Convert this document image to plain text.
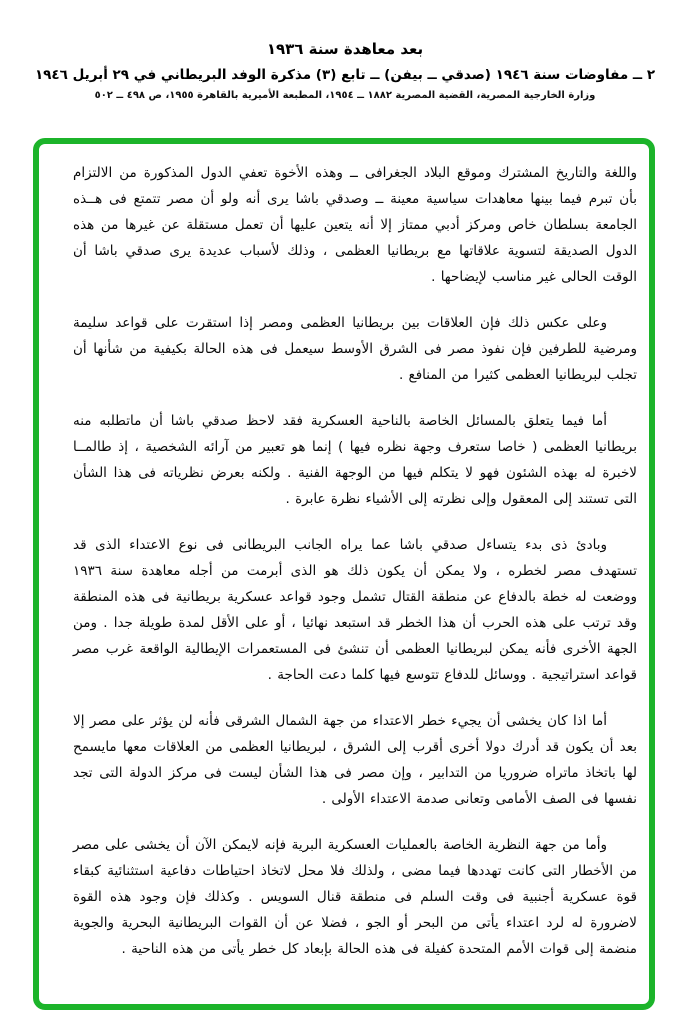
بعد معاهدة سنة ١٩٣٦
٢ ــ مفاوضات سنة ١٩٤٦ (صدقي ــ بيفن) ــ تابع (٣) مذكرة الوفد البريطاني في ٢٩ أبريل ١٩٤٦
وزارة الخارجية المصرية، القضية المصرية ١٨٨٢ ــ ١٩٥٤، المطبعة الأميرية بالقاهرة ١٩٥٥، ص ٤٩٨ ــ ٥٠٢

واللغة والتاريخ المشترك وموقع البلاد الجغرافى ــ وهذه الأخوة تعفي الدول المذكورة من الالتزام بأن تبرم فيما بينها معاهدات سياسية معينة ــ وصدقي باشا يرى أنه ولو أن مصر تتمتع فى هــذه الجامعة بسلطان خاص ومركز أدبي ممتاز إلا أنه يتعين عليها أن تعمل مستقلة عن غيرها من هذه الدول الصديقة لتسوية علاقاتها مع بريطانيا العظمى ، وذلك لأسباب عديدة يرى صدقي باشا أن الوقت الحالى غير مناسب لإيضاحها .

وعلى عكس ذلك فإن العلاقات بين بريطانيا العظمى ومصر إذا استقرت على قواعد سليمة ومرضية للطرفين فإن نفوذ مصر فى الشرق الأوسط سيعمل فى هذه الحالة بكيفية من شأنها أن تجلب لبريطانيا العظمى كثيرا من المنافع .

أما فيما يتعلق بالمسائل الخاصة بالناحية العسكرية فقد لاحظ صدقي باشا أن ماتطلبه منه بريطانيا العظمى ( خاصا ستعرف وجهة نظره فيها ) إنما هو تعبير من آرائه الشخصية ، إذ طالمــا لاخبرة له بهذه الشئون فهو لا يتكلم فيها من الوجهة الفنية . ولكنه بعرض نظرياته فى هذا الشأن التى تستند إلى المعقول وإلى نظرته إلى الأشياء نظرة عابرة .

وبادئ ذى بدء يتساءل صدقي باشا عما يراه الجانب البريطانى فى نوع الاعتداء الذى قد تستهدف مصر لخطره ، ولا يمكن أن يكون ذلك هو الذى أبرمت من أجله معاهدة سنة ١٩٣٦ ووضعت له خطة بالدفاع عن منطقة القتال تشمل وجود قواعد عسكرية بريطانية فى هذه المنطقة وقد ترتب على هذه الحرب أن هذا الخطر قد استبعد نهائيا ، أو على الأقل لمدة طويلة جدا . ومن الجهة الأخرى فأنه يمكن لبريطانيا العظمى أن تنشئ فى المستعمرات الإيطالية الواقعة غرب مصر قواعد استراتيجية . ووسائل للدفاع تتوسع فيها كلما دعت الحاجة .

أما اذا كان يخشى أن يجيء خطر الاعتداء من جهة الشمال الشرقى فأنه لن يؤثر على مصر إلا بعد أن يكون قد أدرك دولا أخرى أقرب إلى الشرق ، لبريطانيا العظمى من العلاقات معها مايسمح لها باتخاذ ماتراه ضروريا من التدابير ، وإن مصر فى هذا الشأن ليست فى مركز الدولة التى تجد نفسها فى الصف الأمامى وتعانى صدمة الاعتداء الأولى .

وأما من جهة النظرية الخاصة بالعمليات العسكرية البرية فإنه لايمكن الآن أن يخشى على مصر من الأخطار التى كانت تهددها فيما مضى ، ولذلك فلا محل لاتخاذ احتياطات دفاعية استثنائية كبقاء قوة عسكرية أجنبية فى وقت السلم فى منطقة قنال السويس . وكذلك فإن وجود هذه القوة لاضرورة له لرد اعتداء يأتى من البحر أو الجو ، فضلا عن أن القوات البريطانية البحرية والجوية منضمة إلى قوات الأمم المتحدة كفيلة فى هذه الحالة بإبعاد كل خطر يأتى من هذه الناحية .
